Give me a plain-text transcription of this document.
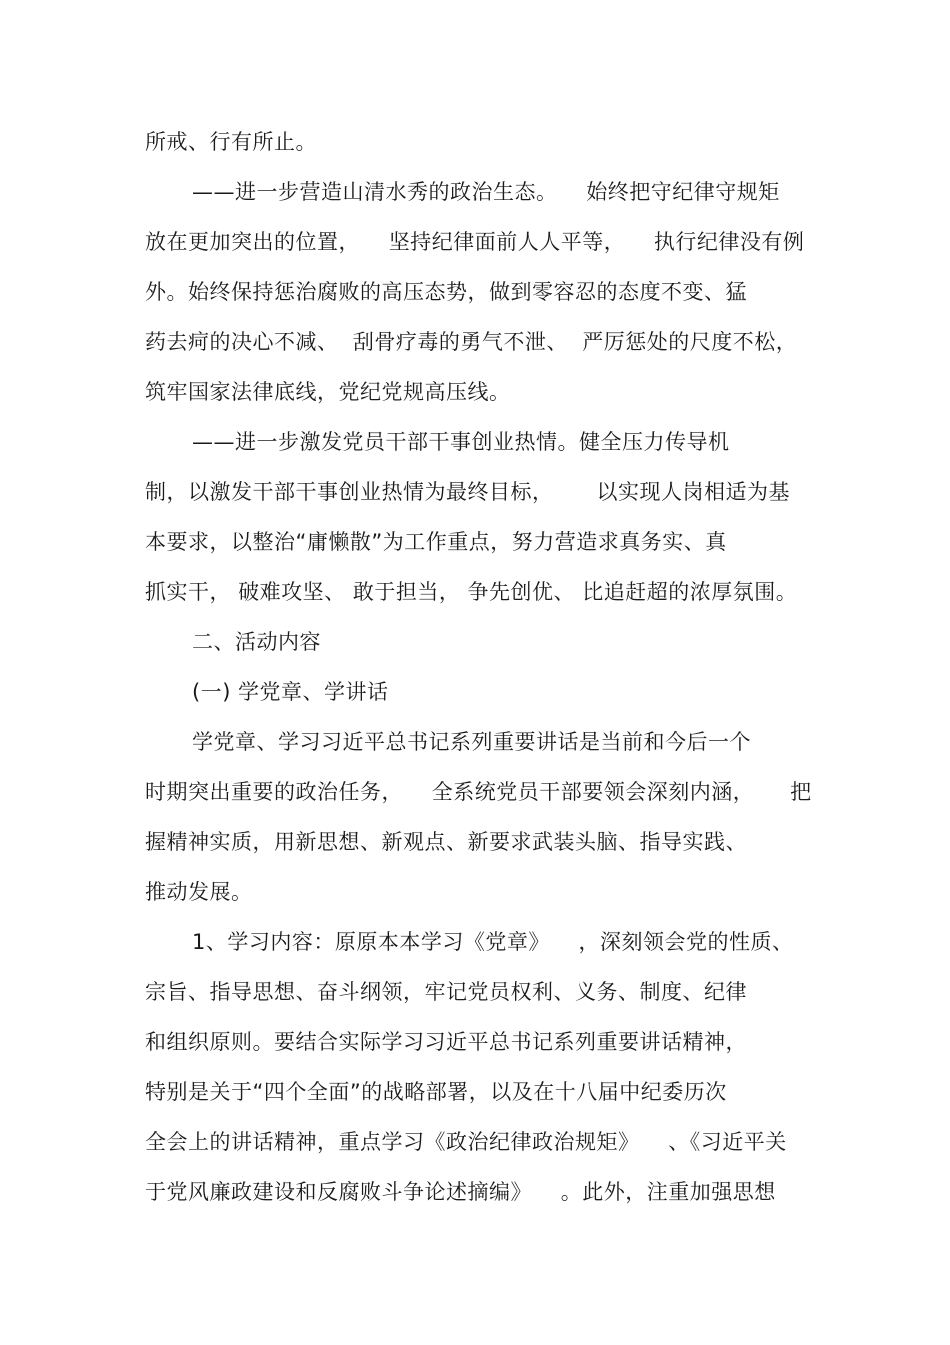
所戒、行有所止。
——进一步营造山清水秀的政治生态。    始终把守纪律守规矩
放在更加突出的位置，    坚持纪律面前人人平等，    执行纪律没有例
外。始终保持惩治腐败的高压态势，做到零容忍的态度不变、猛
药去疴的决心不减、  刮骨疗毒的勇气不泄、  严厉惩处的尺度不松，
筑牢国家法律底线，党纪党规高压线。
——进一步激发党员干部干事创业热情。健全压力传导机
制，以激发干部干事创业热情为最终目标，      以实现人岗相适为基
本要求，以整治“庸懒散”为工作重点，努力营造求真务实、真
抓实干， 破难攻坚、 敢于担当， 争先创优、 比追赶超的浓厚氛围。
二、活动内容
(一) 学党章、学讲话
学党章、学习习近平总书记系列重要讲话是当前和今后一个
时期突出重要的政治任务，    全系统党员干部要领会深刻内涵，     把
握精神实质，用新思想、新观点、新要求武装头脑、指导实践、
推动发展。
1、学习内容：原原本本学习《党章》    ，深刻领会党的性质、
宗旨、指导思想、奋斗纲领，牢记党员权利、义务、制度、纪律
和组织原则。要结合实际学习习近平总书记系列重要讲话精神，
特别是关于“四个全面”的战略部署，以及在十八届中纪委历次
全会上的讲话精神，重点学习《政治纪律政治规矩》    、《习近平关
于党风廉政建设和反腐败斗争论述摘编》    。此外，注重加强思想
